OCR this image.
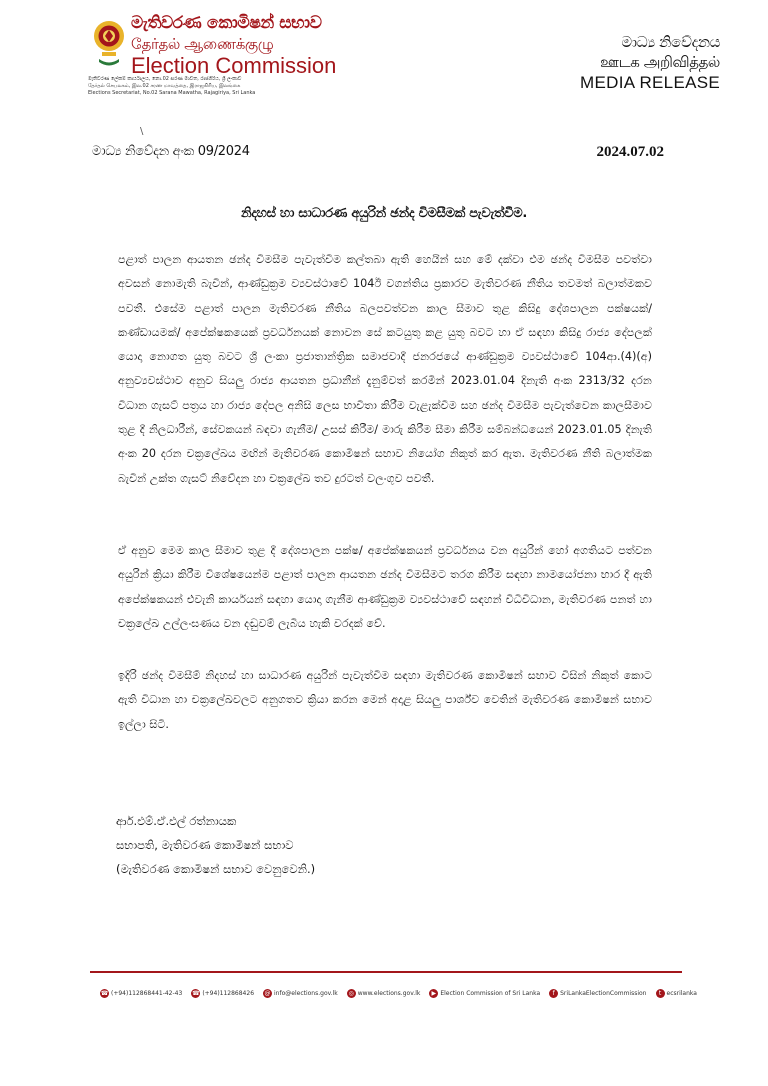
මැතිවරණ කොමිෂන් සභාව
தேர்தல் ஆணைக்குழு
Election Commission
මැතිවරණ ලේකම් කාර්යාලය, නො.02 සරණ මාවත, රාජගිරිය, ශ්‍රී ලංකාව
தேர்தல் செயலகம், இல.02 சரண மாவத்தை, இராஜகிரிய, இலங்கை
Elections Secretariat, No.02 Sarana Mawatha, Rajagiriya, Sri Lanka
මාධ්‍ය නිවේදනය
ஊடக அறிவித்தல்
MEDIA RELEASE
\
මාධ්‍ය නිවේදන අංක 09/2024	2024.07.02
නිදහස් හා සාධාරණ අයුරින් ඡන්ද විමසීමක් පැවැත්වීම.

පළාත් පාලන ආයතන ඡන්ද විමසීම පැවැත්වීම කල්තබා ඇති හෙයින් සහ මේ දක්වා එම ඡන්ද විමසීම පවත්වා අවසන් නොමැති බැවින්, ආණ්ඩුක්‍රම ව්‍යවස්ථාවේ 104ඊ වගන්තිය ප්‍රකාරව මැතිවරණ නීතිය තවමත් බලාත්මකව පවතී. එසේම පළාත් පාලන මැතිවරණ නීතිය බලපවත්වන කාල සීමාව තුළ කිසිදු දේශපාලන පක්ෂයක්/ කණ්ඩායමක්/ අපේක්ෂකයෙක් ප්‍රවර්ධනයක් නොවන සේ කටයුතු කළ යුතු බවට හා ඒ සඳහා කිසිදු රාජ්‍ය දේපලක් යොදා නොගත යුතු බවට ශ්‍රී ලංකා ප්‍රජාතාන්ත්‍රික සමාජවාදී ජනරජයේ ආණ්ඩුක්‍රම ව්‍යවස්ථාවේ 104ආ.(4)(අ) අනුව්‍යවස්ථාව අනුව සියලු රාජ්‍ය ආයතන ප්‍රධානීන් දැනුම්වත් කරමින් 2023.01.04 දිනැති අංක 2313/32 දරන විධාන ගැසට් පත්‍රය හා රාජ්‍ය දේපල අනිසි ලෙස භාවිතා කිරීම වැළැක්වීම සහ ඡන්ද විමසීම පැවැත්වෙන කාලසීමාව තුළ දී නිලධාරීන්, සේවකයන් බඳවා ගැනීම/ උසස් කිරීම/ මාරු කිරීම සීමා කිරීම සම්බන්ධයෙන් 2023.01.05 දිනැති අංක 20 දරන චක්‍රලේඛය මඟින් මැතිවරණ කොමිෂන් සභාව නියෝග නිකුත් කර ඇත. මැතිවරණ නීති බලාත්මක බැවින් උක්ත ගැසට් නිවේදන හා චක්‍රලේඛ තව දුරටත් වලංගුව පවතී.

ඒ අනුව මෙම කාල සීමාව තුළ දී දේශපාලන පක්ෂ/ අපේක්ෂකයන් ප්‍රවර්ධනය වන අයුරින් හෝ අගතියට පත්වන අයුරින් ක්‍රියා කිරීම විශේෂයෙන්ම පළාත් පාලන ආයතන ඡන්ද විමසීමට තරග කිරීම සඳහා නාමයෝජනා භාර දී ඇති අපේක්ෂකයන් එවැනි කාර්යයන් සඳහා යොදා ගැනීම ආණ්ඩුක්‍රම ව්‍යවස්ථාවේ සඳහන් විධිවිධාන, මැතිවරණ පනත් හා චක්‍රලේඛ උල්ලංඝණය වන දඬුවම් ලැබිය හැකි වරදක් වේ.

ඉදිරි ඡන්ද විමසීම් නිදහස් හා සාධාරණ අයුරින් පැවැත්වීම සඳහා මැතිවරණ කොමිෂන් සභාව විසින් නිකුත් කොට ඇති විධාන හා චක්‍රලේඛවලට අනුගතව ක්‍රියා කරන මෙන් අදාළ සියලු පාර්ශ්ව වෙතින් මැතිවරණ කොමිෂන් සභාව ඉල්ලා සිටී.

ආර්.එම්.ඒ.එල් රත්නායක
සභාපති, මැතිවරණ කොමිෂන් සභාව
(මැතිවරණ කොමිෂන් සභාව වෙනුවෙනි.)
☎ (+94)112868441-42-43 ☎ (+94)112868426 @ info@elections.gov.lk	◎ www.elections.gov.lk	▶ Election Commission of Sri Lanka	f SriLankaElectionCommission	t ecsrilanka
